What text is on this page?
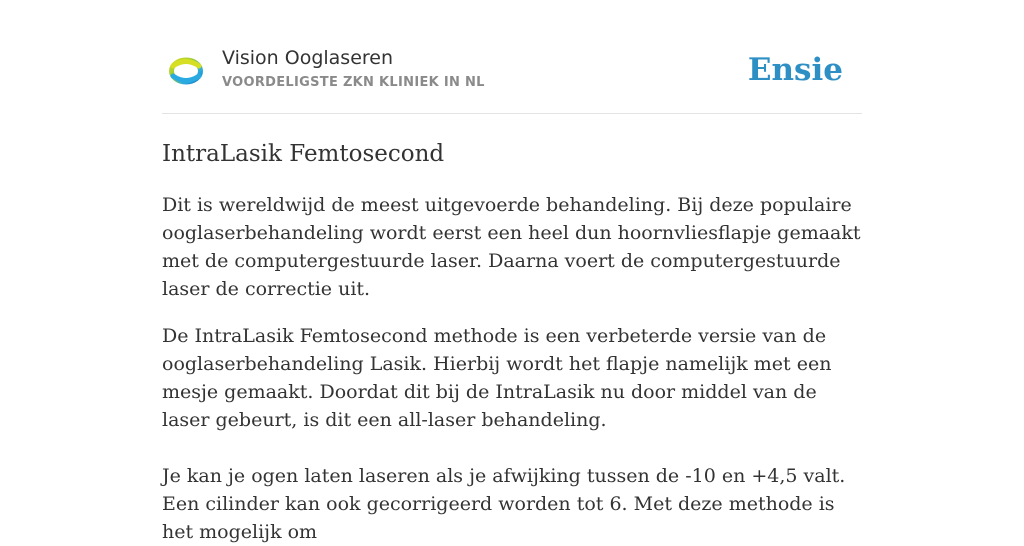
Vision Ooglaseren
VOORDELIGSTE ZKN KLINIEK IN NL	Ensie
IntraLasik Femtosecond

Dit is wereldwijd de meest uitgevoerde behandeling. Bij deze populaire ooglaserbehandeling wordt eerst een heel dun hoornvliesflapje gemaakt met de computergestuurde laser. Daarna voert de computergestuurde laser de correctie uit.

De IntraLasik Femtosecond methode is een verbeterde versie van de ooglaserbehandeling Lasik. Hierbij wordt het flapje namelijk met een mesje gemaakt. Doordat dit bij de IntraLasik nu door middel van de laser gebeurt, is dit een all-laser behandeling.

Je kan je ogen laten laseren als je afwijking tussen de -10 en +4,5 valt. Een cilinder kan ook gecorrigeerd worden tot 6. Met deze methode is het mogelijk om
